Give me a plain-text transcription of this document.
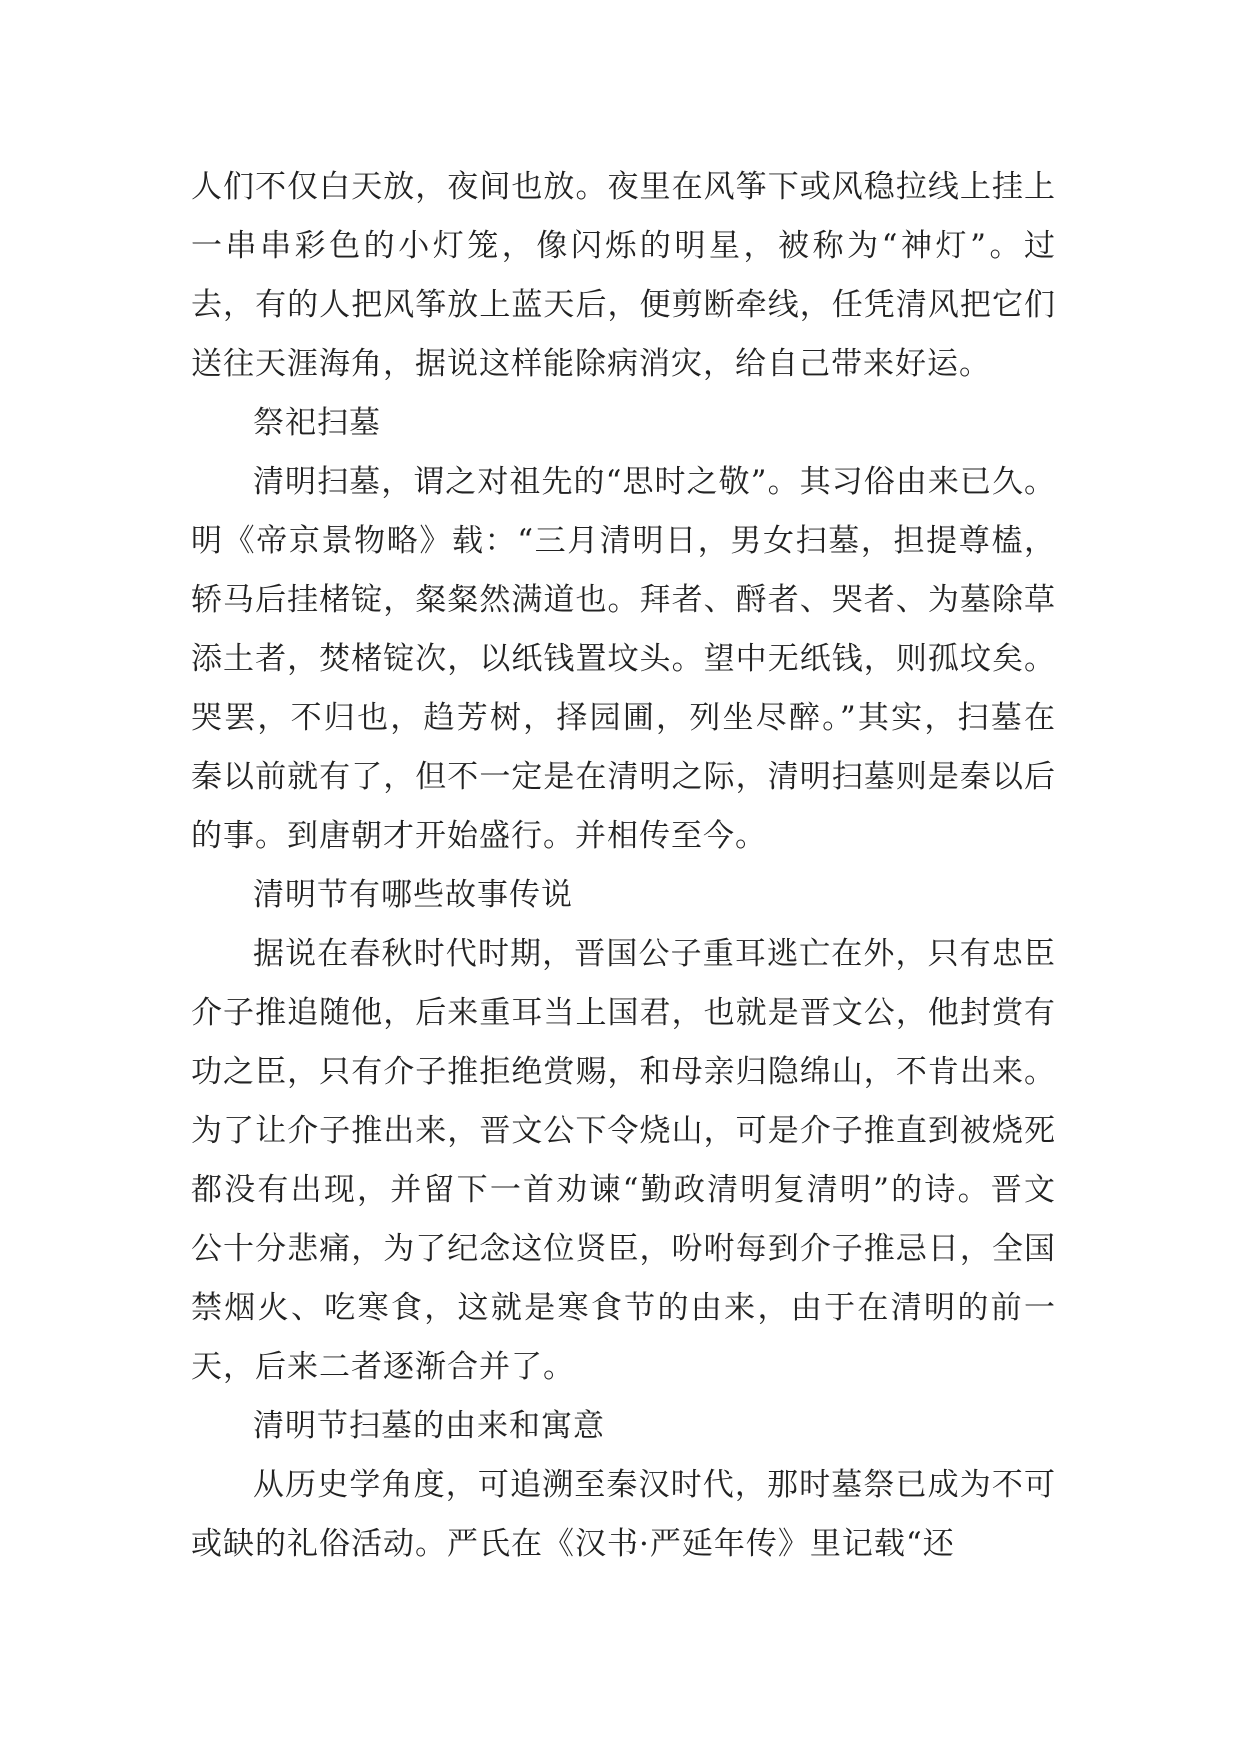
人们不仅白天放，夜间也放。夜里在风筝下或风稳拉线上挂上一串串彩色的小灯笼，像闪烁的明星，被称为“神灯”。过去，有的人把风筝放上蓝天后，便剪断牵线，任凭清风把它们送往天涯海角，据说这样能除病消灾，给自己带来好运。

祭祀扫墓

清明扫墓，谓之对祖先的“思时之敬”。其习俗由来已久。明《帝京景物略》载：“三月清明日，男女扫墓，担提尊榼，轿马后挂楮锭，粲粲然满道也。拜者、酹者、哭者、为墓除草添土者，焚楮锭次，以纸钱置坟头。望中无纸钱，则孤坟矣。哭罢，不归也，趋芳树，择园圃，列坐尽醉。”其实，扫墓在秦以前就有了，但不一定是在清明之际，清明扫墓则是秦以后的事。到唐朝才开始盛行。并相传至今。

清明节有哪些故事传说

据说在春秋时代时期，晋国公子重耳逃亡在外，只有忠臣介子推追随他，后来重耳当上国君，也就是晋文公，他封赏有功之臣，只有介子推拒绝赏赐，和母亲归隐绵山，不肯出来。为了让介子推出来，晋文公下令烧山，可是介子推直到被烧死都没有出现，并留下一首劝谏“勤政清明复清明”的诗。晋文公十分悲痛，为了纪念这位贤臣，吩咐每到介子推忌日，全国禁烟火、吃寒食，这就是寒食节的由来，由于在清明的前一天，后来二者逐渐合并了。

清明节扫墓的由来和寓意

从历史学角度，可追溯至秦汉时代，那时墓祭已成为不可或缺的礼俗活动。严氏在《汉书·严延年传》里记载“还
